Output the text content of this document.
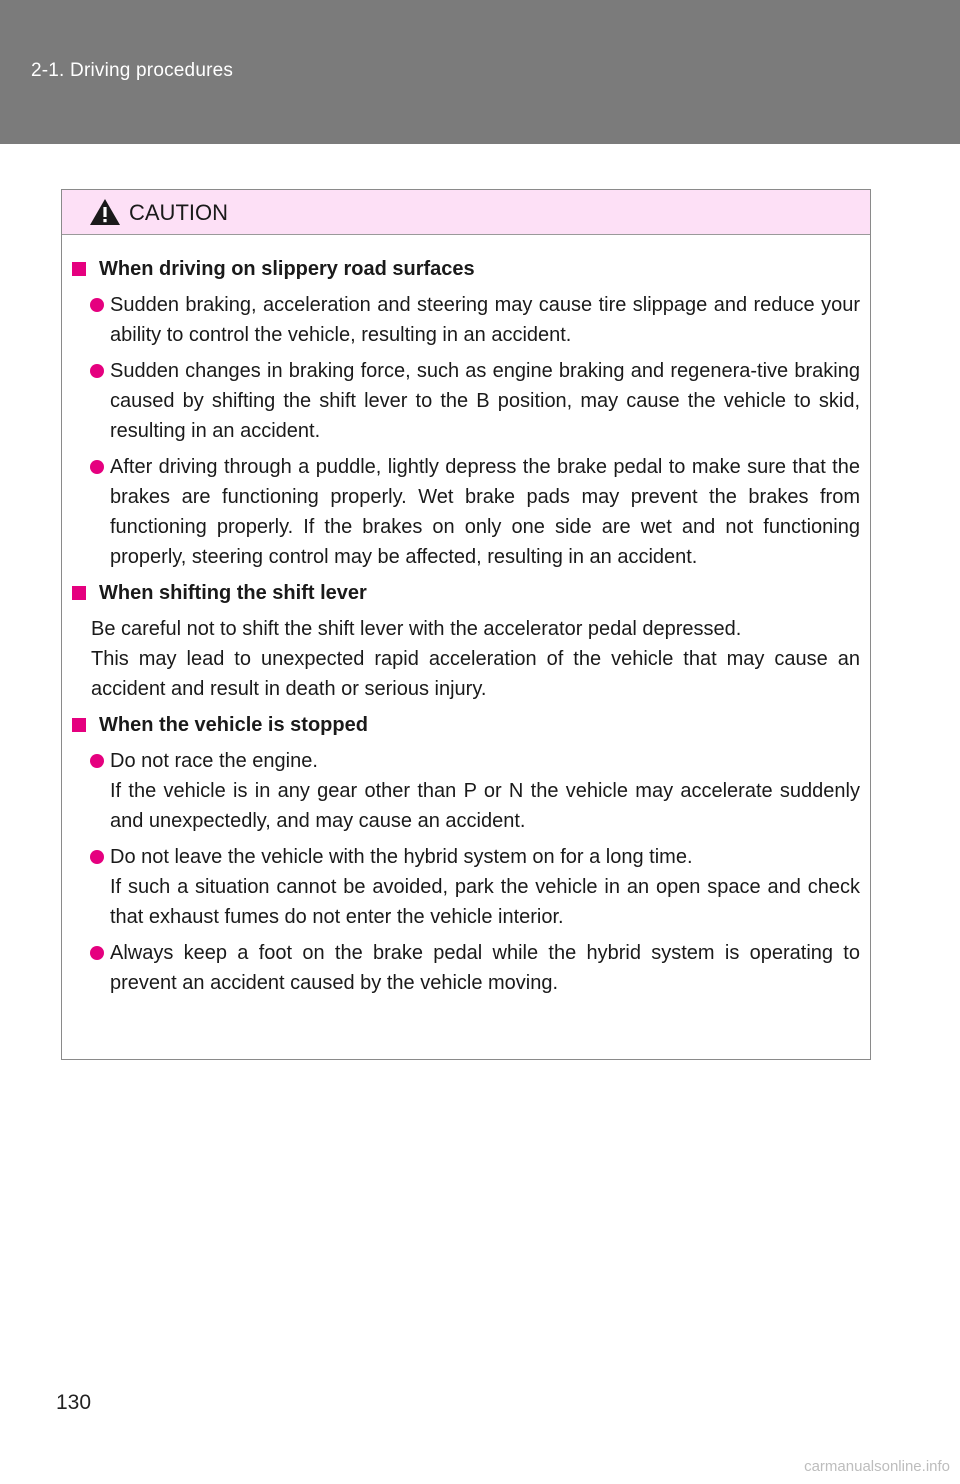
2-1. Driving procedures
CAUTION
When driving on slippery road surfaces

Sudden braking, acceleration and steering may cause tire slippage and reduce your ability to control the vehicle, resulting in an accident.

Sudden changes in braking force, such as engine braking and regenera-tive braking caused by shifting the shift lever to the B position, may cause the vehicle to skid, resulting in an accident.

After driving through a puddle, lightly depress the brake pedal to make sure that the brakes are functioning properly. Wet brake pads may prevent the brakes from functioning properly. If the brakes on only one side are wet and not functioning properly, steering control may be affected, resulting in an accident.

When shifting the shift lever

Be careful not to shift the shift lever with the accelerator pedal depressed.

This may lead to unexpected rapid acceleration of the vehicle that may cause an accident and result in death or serious injury.

When the vehicle is stopped

Do not race the engine.

If the vehicle is in any gear other than P or N the vehicle may accelerate suddenly and unexpectedly, and may cause an accident.

Do not leave the vehicle with the hybrid system on for a long time.

If such a situation cannot be avoided, park the vehicle in an open space and check that exhaust fumes do not enter the vehicle interior.

Always keep a foot on the brake pedal while the hybrid system is operating to prevent an accident caused by the vehicle moving.

130
carmanualsonline.info
